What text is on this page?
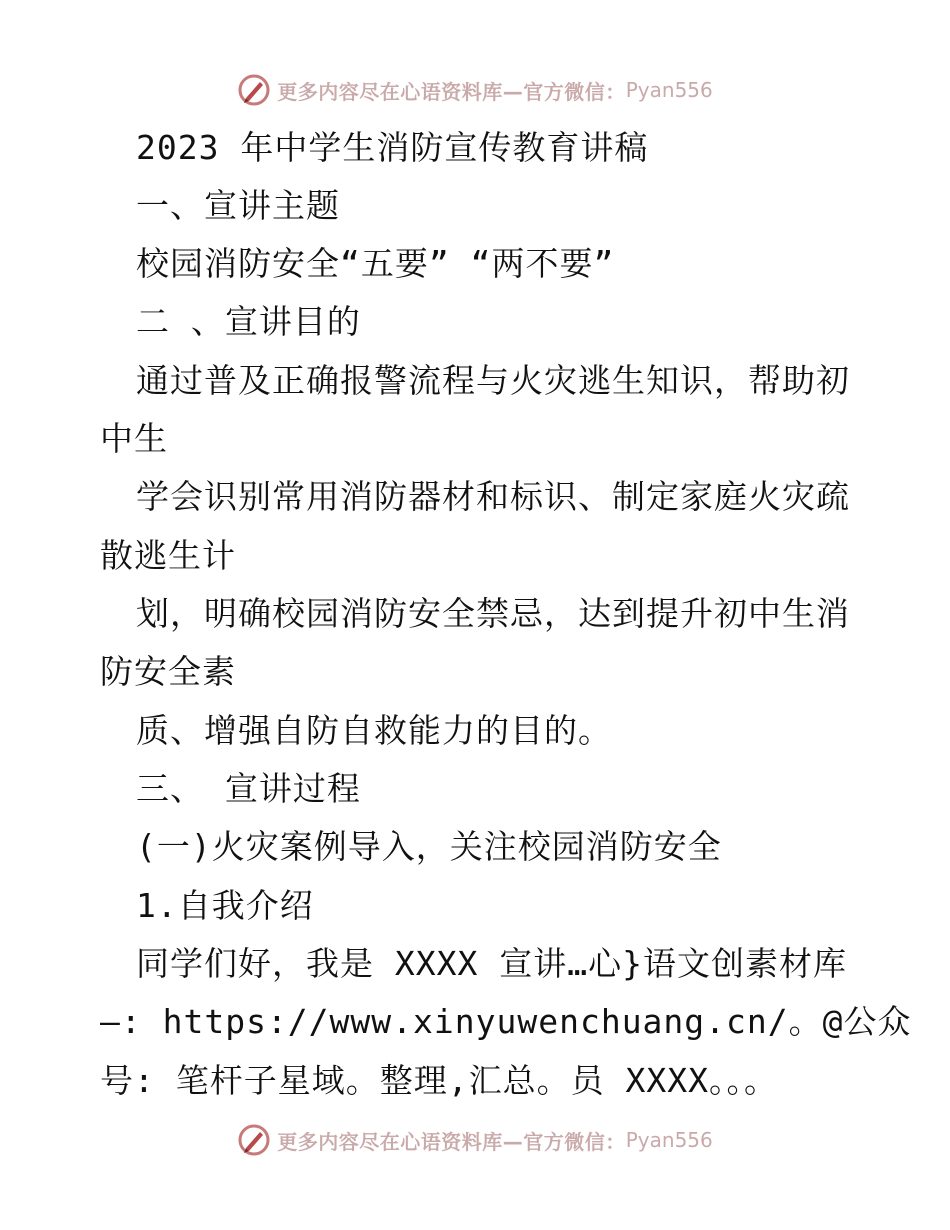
更多内容尽在心语资料库—官方微信： Pyan556
2023 年中学生消防宣传教育讲稿
一、宣讲主题
校园消防安全“五要” “两不要”
二 、宣讲目的
通过普及正确报警流程与火灾逃生知识，帮助初
中生
学会识别常用消防器材和标识、制定家庭火灾疏
散逃生计
划，明确校园消防安全禁忌，达到提升初中生消
防安全素
质、增强自防自救能力的目的。
三、 宣讲过程
(一)火灾案例导入，关注校园消防安全
1.自我介绍
同学们好，我是 XXXX 宣讲…心}语文创素材库
—: https://www.xinyuwenchuang.cn/。@公众
号: 笔杆子星域。整理,汇总。员 XXXX。。。
更多内容尽在心语资料库—官方微信： Pyan556
